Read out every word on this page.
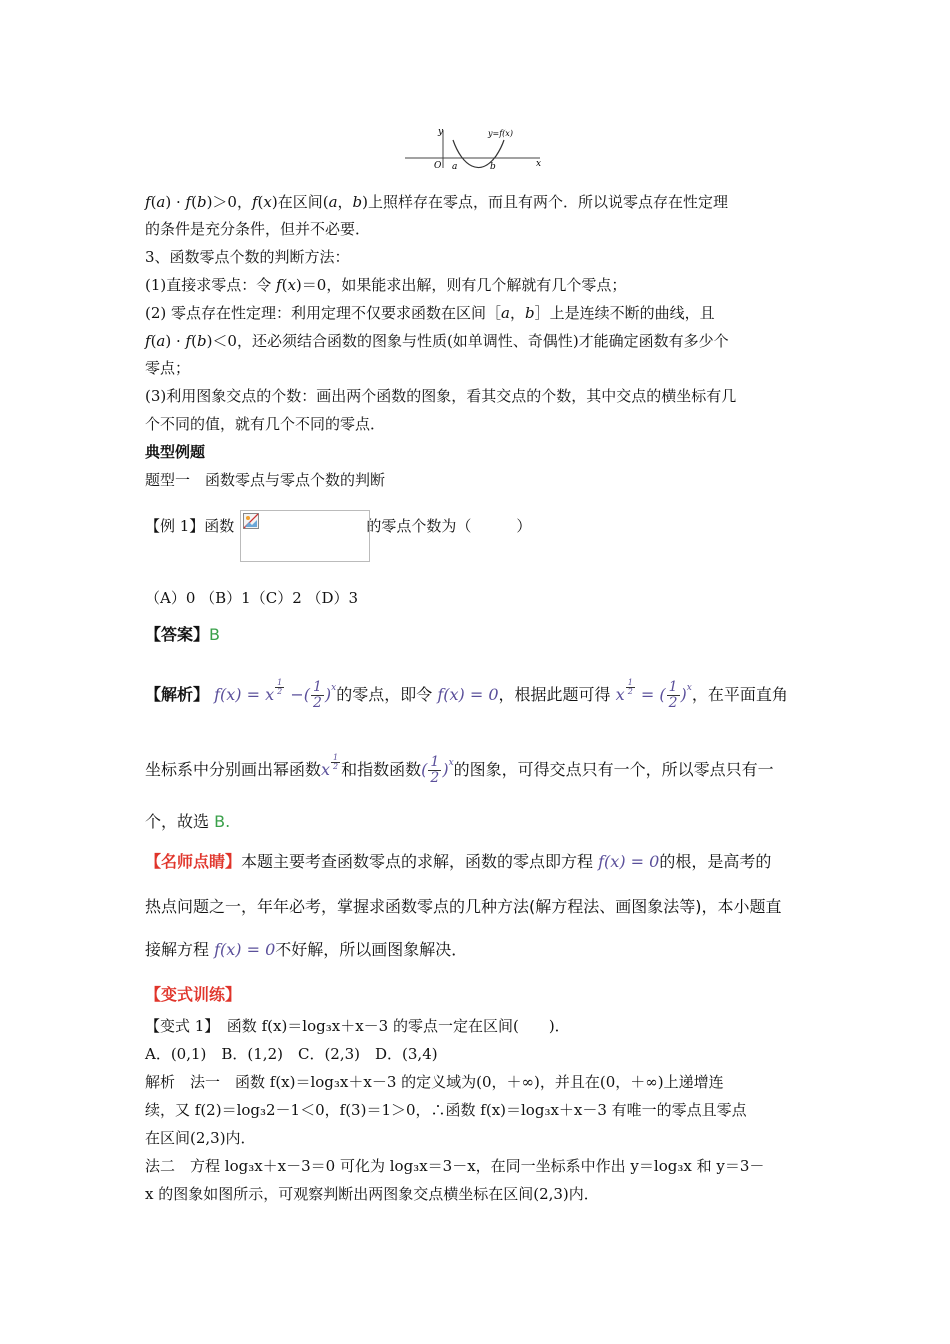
y
x
O a	b
y=f(x)
f(a) · f(b)＞0，f(x)在区间(a，b)上照样存在零点，而且有两个．所以说零点存在性定理
的条件是充分条件，但并不必要．
3、函数零点个数的判断方法：
(1)直接求零点：令 f(x)＝0，如果能求出解，则有几个解就有几个零点；
(2) 零点存在性定理：利用定理不仅要求函数在区间［a，b］上是连续不断的曲线，且
f(a) · f(b)＜0，还必须结合函数的图象与性质(如单调性、奇偶性)才能确定函数有多少个
零点；
(3)利用图象交点的个数：画出两个函数的图象，看其交点的个数，其中交点的横坐标有几
个不同的值，就有几个不同的零点．
典型例题
题型一　函数零点与零点个数的判断
【例 1】函数	的零点个数为（　　　）
（A）0 （B）1（C）2 （D）3
【答案】B
【解析】 f(x) = x $^{\frac{1}{2}}$ −( $\frac{1}{2} )^x$的零点，即令 f(x) = 0，根据此题可得 x $^{\frac{1}{2}}$ = ( $\frac{1}{2} )^x$，在平面直角
坐标系中分别画出幂函数x $^{\frac{1}{2}}$ 和指数函数( $\frac{1}{2} )^x$的图象，可得交点只有一个，所以零点只有一
个，故选 B.
【名师点睛】本题主要考查函数零点的求解，函数的零点即方程 f(x) = 0的根，是高考的
热点问题之一，年年必考，掌握求函数零点的几种方法(解方程法、画图象法等)，本小题直
接解方程 f(x) = 0不好解，所以画图象解决．
【变式训练】
【变式 1】　函数 f(x)＝log₃x＋x－3 的零点一定在区间(　　)．
A．(0,1)　B．(1,2)　C．(2,3)　D．(3,4)
解析　法一　函数 f(x)＝log₃x＋x－3 的定义域为(0，＋∞)，并且在(0，＋∞)上递增连
续，又 f(2)＝log₃2－1＜0，f(3)＝1＞0，∴函数 f(x)＝log₃x＋x－3 有唯一的零点且零点
在区间(2,3)内．
法二　方程 log₃x＋x－3＝0 可化为 log₃x＝3－x，在同一坐标系中作出 y＝log₃x 和 y＝3－
x 的图象如图所示，可观察判断出两图象交点横坐标在区间(2,3)内．
